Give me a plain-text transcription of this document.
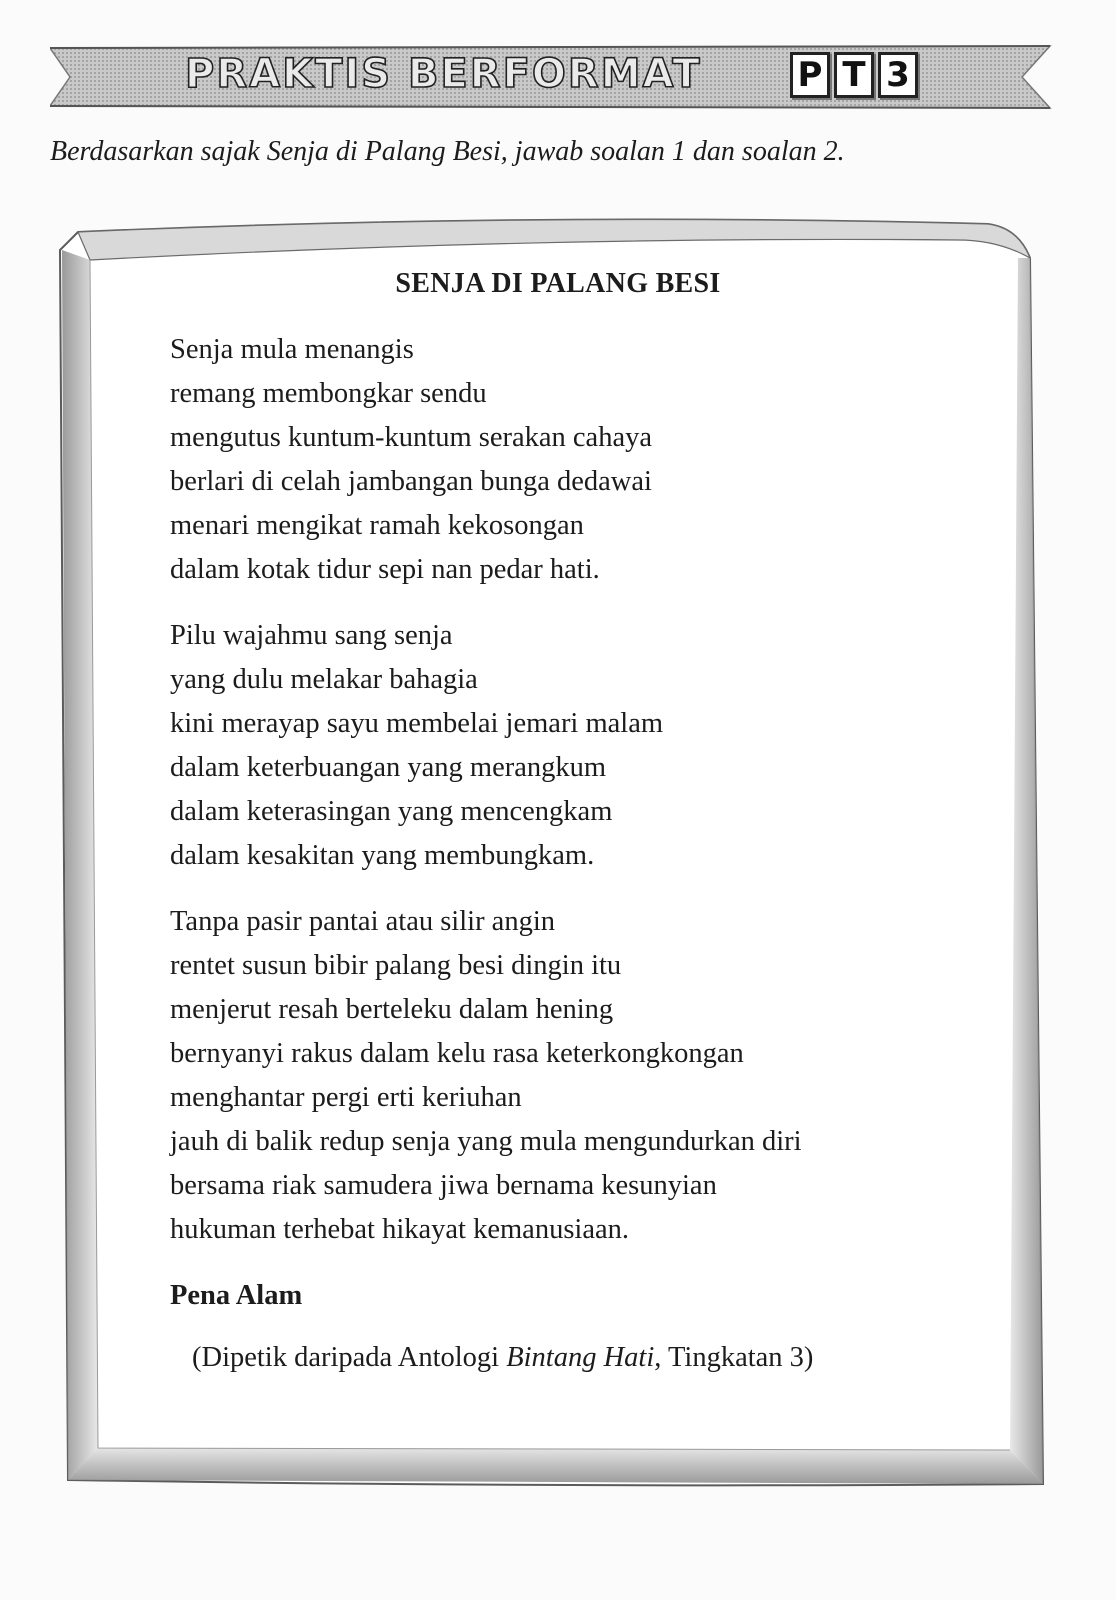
PRAKTIS BERFORMAT	P T 3
Berdasarkan sajak Senja di Palang Besi, jawab soalan 1 dan soalan 2.
SENJA DI PALANG BESI
Senja mula menangis
remang membongkar sendu
mengutus kuntum-kuntum serakan cahaya
berlari di celah jambangan bunga dedawai
menari mengikat ramah kekosongan
dalam kotak tidur sepi nan pedar hati.
Pilu wajahmu sang senja
yang dulu melakar bahagia
kini merayap sayu membelai jemari malam
dalam keterbuangan yang merangkum
dalam keterasingan yang mencengkam
dalam kesakitan yang membungkam.
Tanpa pasir pantai atau silir angin
rentet susun bibir palang besi dingin itu
menjerut resah berteleku dalam hening
bernyanyi rakus dalam kelu rasa keterkongkongan
menghantar pergi erti keriuhan
jauh di balik redup senja yang mula mengundurkan diri
bersama riak samudera jiwa bernama kesunyian
hukuman terhebat hikayat kemanusiaan.
Pena Alam
(Dipetik daripada Antologi Bintang Hati, Tingkatan 3)
